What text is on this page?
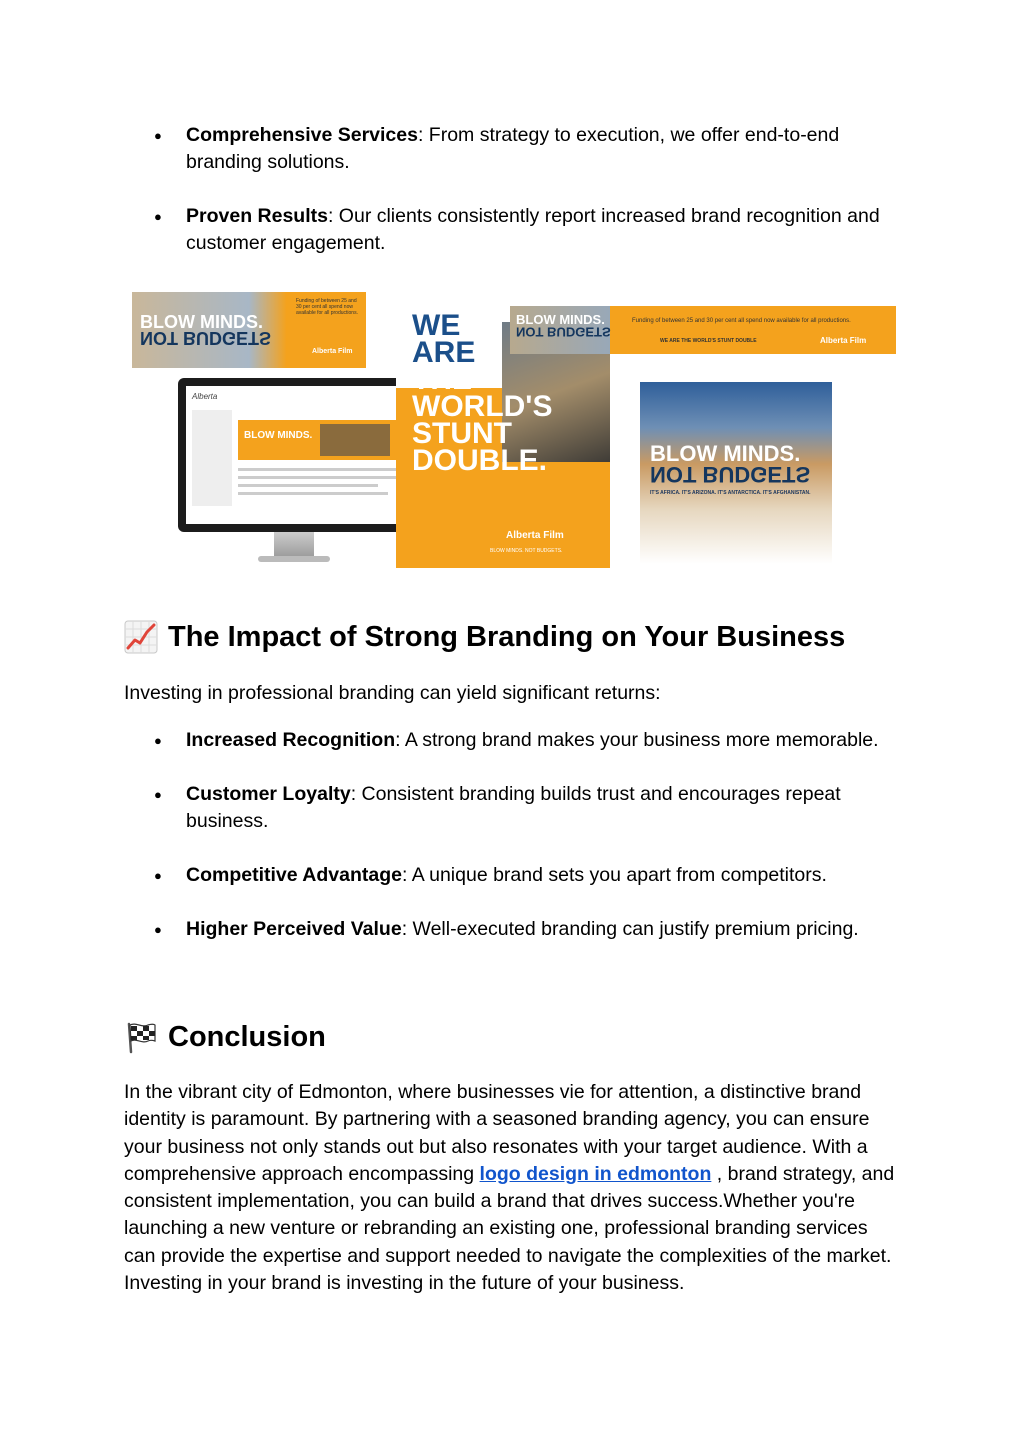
● Comprehensive Services: From strategy to execution, we offer end-to-end branding solutions.
● Proven Results: Our clients consistently report increased brand recognition and customer engagement.
BLOW MINDS.
NOT BUDGETS
Funding of between 25 and 30 per cent all spend now available for all productions.
Alberta Film
Alberta
BLOW MINDS.
WE
ARE
THE
WORLD'S
STUNT
DOUBLE.
Alberta Film
BLOW MINDS. NOT BUDGETS.
BLOW MINDS.
NOT BUDGETS
Funding of between 25 and 30 per cent all spend now available for all productions.
WE ARE THE WORLD'S STUNT DOUBLE	Alberta Film
BLOW MINDS.
NOT BUDGETS
IT'S AFRICA. IT'S ARIZONA. IT'S ANTARCTICA. IT'S AFGHANISTAN.
The Impact of Strong Branding on Your Business
Investing in professional branding can yield significant returns:
● Increased Recognition: A strong brand makes your business more memorable.
● Customer Loyalty: Consistent branding builds trust and encourages repeat business.
● Competitive Advantage: A unique brand sets you apart from competitors.
● Higher Perceived Value: Well-executed branding can justify premium pricing.
Conclusion
In the vibrant city of Edmonton, where businesses vie for attention, a distinctive brand identity is paramount. By partnering with a seasoned branding agency, you can ensure your business not only stands out but also resonates with your target audience. With a comprehensive approach encompassing logo design in edmonton , brand strategy, and consistent implementation, you can build a brand that drives success.Whether you're launching a new venture or rebranding an existing one, professional branding services can provide the expertise and support needed to navigate the complexities of the market. Investing in your brand is investing in the future of your business.
